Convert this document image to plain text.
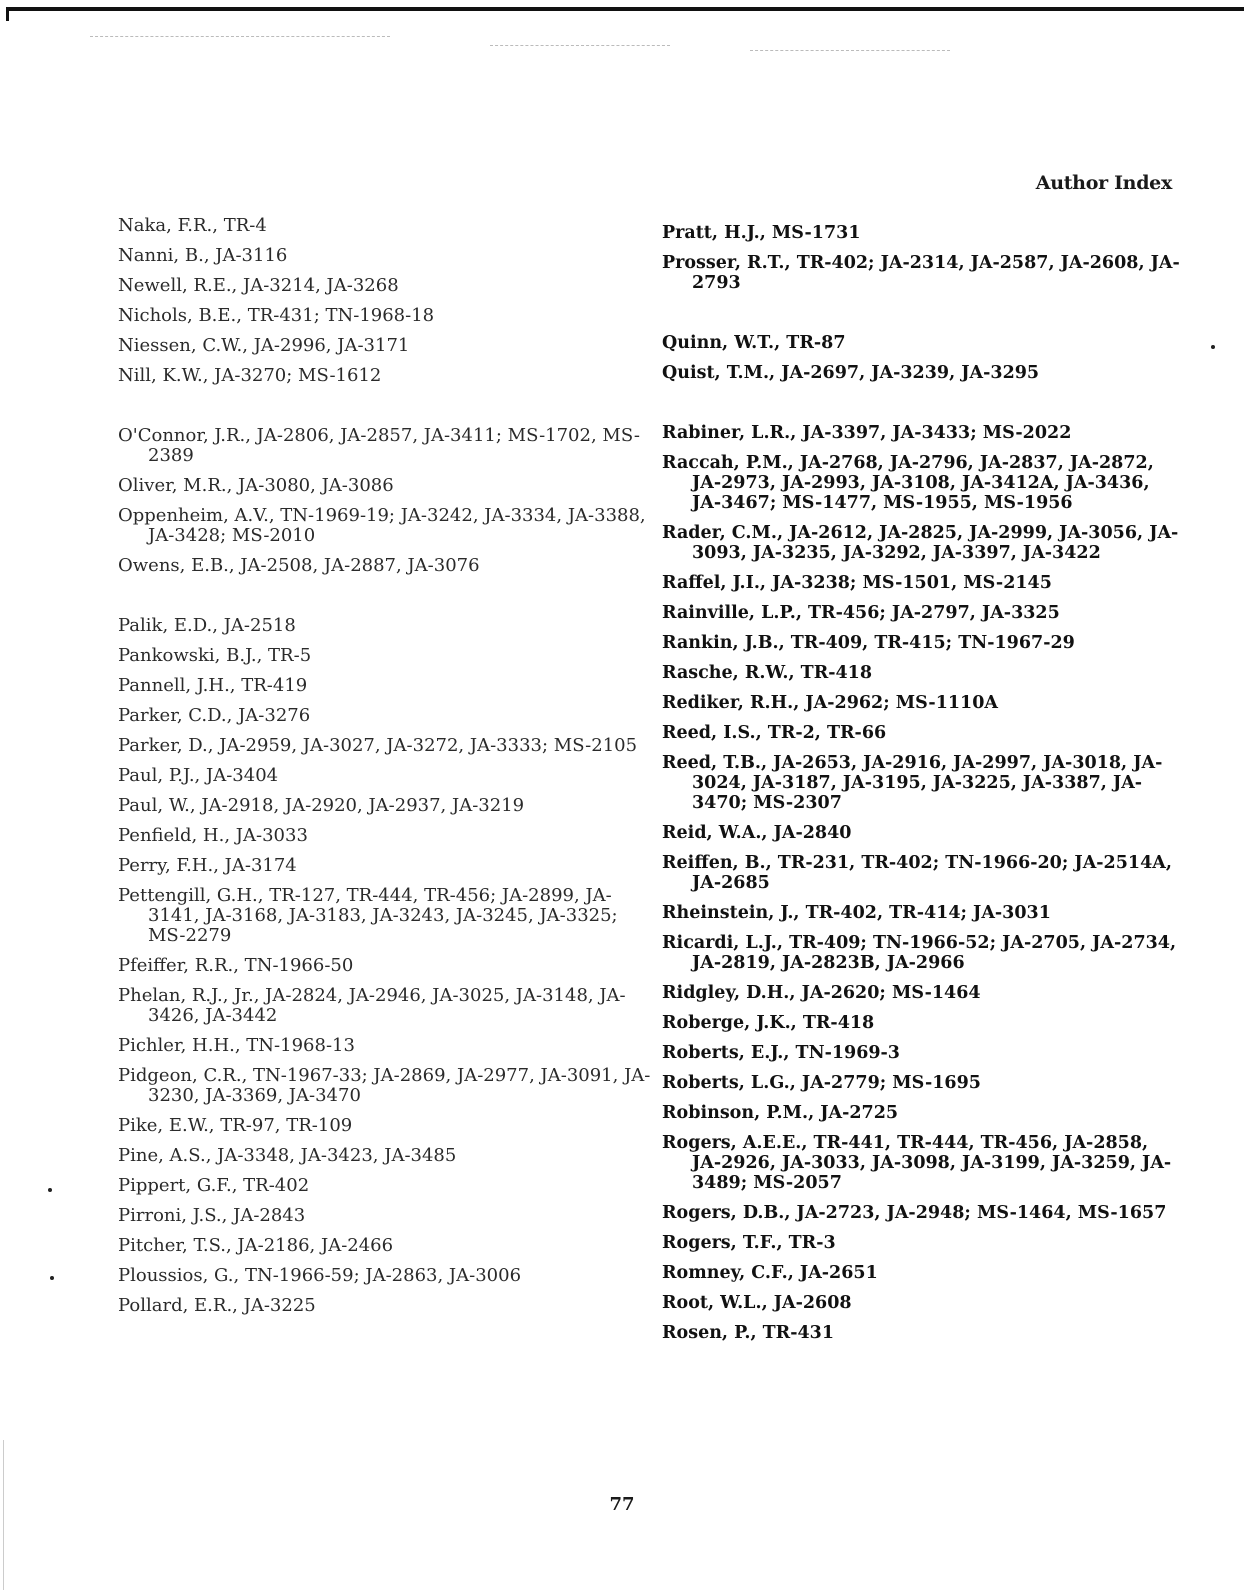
Author Index
Naka, F.R., TR-4
Nanni, B., JA-3116
Newell, R.E., JA-3214, JA-3268
Nichols, B.E., TR-431; TN-1968-18
Niessen, C.W., JA-2996, JA-3171
Nill, K.W., JA-3270; MS-1612
O'Connor, J.R., JA-2806, JA-2857, JA-3411; MS-1702, MS-2389
Oliver, M.R., JA-3080, JA-3086
Oppenheim, A.V., TN-1969-19; JA-3242, JA-3334, JA-3388, JA-3428; MS-2010
Owens, E.B., JA-2508, JA-2887, JA-3076
Palik, E.D., JA-2518
Pankowski, B.J., TR-5
Pannell, J.H., TR-419
Parker, C.D., JA-3276
Parker, D., JA-2959, JA-3027, JA-3272, JA-3333; MS-2105
Paul, P.J., JA-3404
Paul, W., JA-2918, JA-2920, JA-2937, JA-3219
Penfield, H., JA-3033
Perry, F.H., JA-3174
Pettengill, G.H., TR-127, TR-444, TR-456; JA-2899, JA-3141, JA-3168, JA-3183, JA-3243, JA-3245, JA-3325; MS-2279
Pfeiffer, R.R., TN-1966-50
Phelan, R.J., Jr., JA-2824, JA-2946, JA-3025, JA-3148, JA-3426, JA-3442
Pichler, H.H., TN-1968-13
Pidgeon, C.R., TN-1967-33; JA-2869, JA-2977, JA-3091, JA-3230, JA-3369, JA-3470
Pike, E.W., TR-97, TR-109
Pine, A.S., JA-3348, JA-3423, JA-3485
Pippert, G.F., TR-402
Pirroni, J.S., JA-2843
Pitcher, T.S., JA-2186, JA-2466
Ploussios, G., TN-1966-59; JA-2863, JA-3006
Pollard, E.R., JA-3225
Pratt, H.J., MS-1731
Prosser, R.T., TR-402; JA-2314, JA-2587, JA-2608, JA-2793
Quinn, W.T., TR-87
Quist, T.M., JA-2697, JA-3239, JA-3295
Rabiner, L.R., JA-3397, JA-3433; MS-2022
Raccah, P.M., JA-2768, JA-2796, JA-2837, JA-2872, JA-2973, JA-2993, JA-3108, JA-3412A, JA-3436, JA-3467; MS-1477, MS-1955, MS-1956
Rader, C.M., JA-2612, JA-2825, JA-2999, JA-3056, JA-3093, JA-3235, JA-3292, JA-3397, JA-3422
Raffel, J.I., JA-3238; MS-1501, MS-2145
Rainville, L.P., TR-456; JA-2797, JA-3325
Rankin, J.B., TR-409, TR-415; TN-1967-29
Rasche, R.W., TR-418
Rediker, R.H., JA-2962; MS-1110A
Reed, I.S., TR-2, TR-66
Reed, T.B., JA-2653, JA-2916, JA-2997, JA-3018, JA-3024, JA-3187, JA-3195, JA-3225, JA-3387, JA-3470; MS-2307
Reid, W.A., JA-2840
Reiffen, B., TR-231, TR-402; TN-1966-20; JA-2514A, JA-2685
Rheinstein, J., TR-402, TR-414; JA-3031
Ricardi, L.J., TR-409; TN-1966-52; JA-2705, JA-2734, JA-2819, JA-2823B, JA-2966
Ridgley, D.H., JA-2620; MS-1464
Roberge, J.K., TR-418
Roberts, E.J., TN-1969-3
Roberts, L.G., JA-2779; MS-1695
Robinson, P.M., JA-2725
Rogers, A.E.E., TR-441, TR-444, TR-456, JA-2858, JA-2926, JA-3033, JA-3098, JA-3199, JA-3259, JA-3489; MS-2057
Rogers, D.B., JA-2723, JA-2948; MS-1464, MS-1657
Rogers, T.F., TR-3
Romney, C.F., JA-2651
Root, W.L., JA-2608
Rosen, P., TR-431
77
